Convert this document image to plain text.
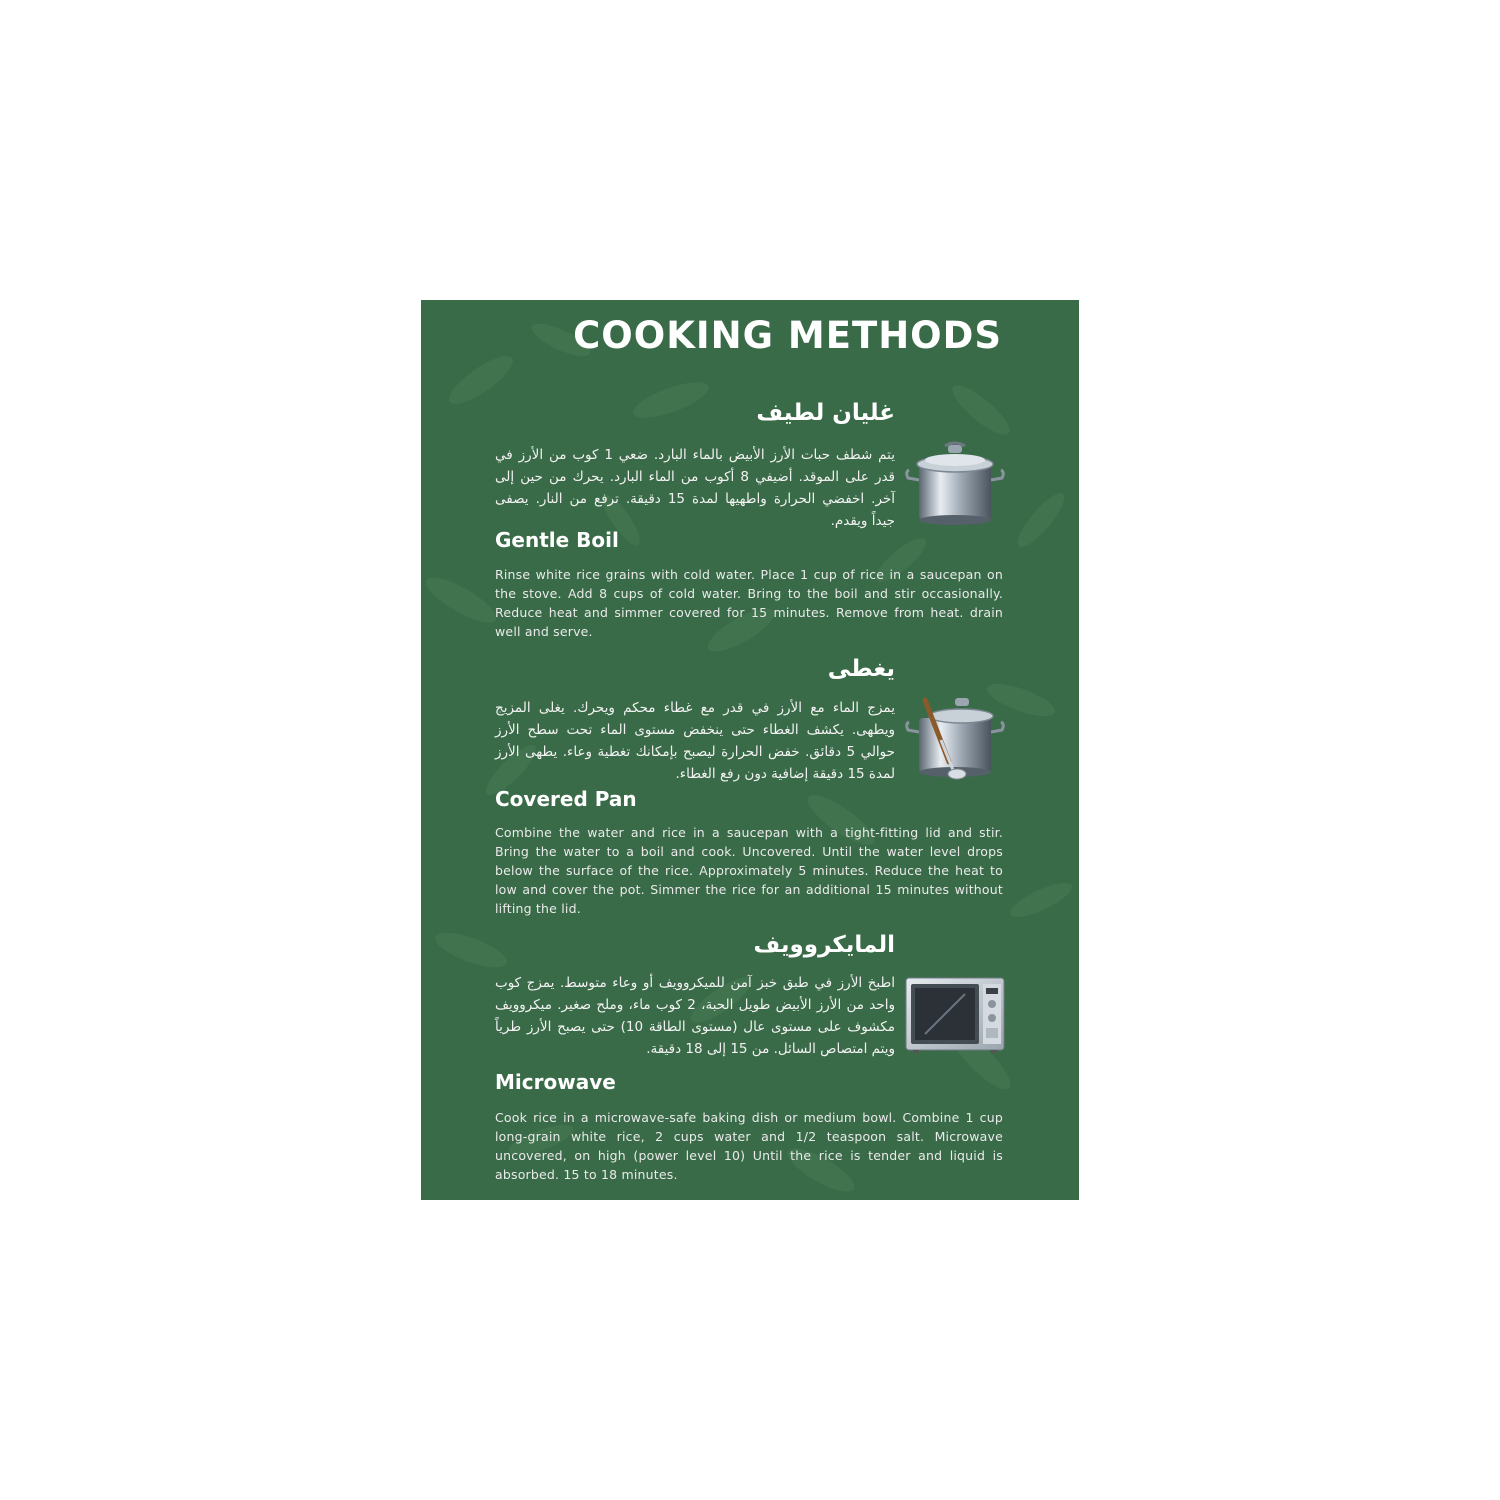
COOKING METHODS
غليان لطيف

يتم شطف حبات الأرز الأبيض بالماء البارد. ضعي 1 كوب من الأرز في قدر على الموقد. أضيفي 8 أكوب من الماء البارد. يحرك من حين إلى آخر. اخفضي الحرارة واطهيها لمدة 15 دقيقة. ترفع من النار. يصفى جيداً ويقدم.

Gentle Boil

Rinse white rice grains with cold water. Place 1 cup of rice in a saucepan on the stove. Add 8 cups of cold water. Bring to the boil and stir occasionally. Reduce heat and simmer covered for 15 minutes. Remove from heat. drain well and serve.

يغطى

يمزج الماء مع الأرز في قدر مع غطاء محكم ويحرك. يغلى المزيج ويطهى. يكشف الغطاء حتى ينخفض مستوى الماء تحت سطح الأرز حوالي 5 دقائق. خفض الحرارة ليصبح بإمكانك تغطية وعاء. يطهى الأرز لمدة 15 دقيقة إضافية دون رفع الغطاء.

Covered Pan

Combine the water and rice in a saucepan with a tight-fitting lid and stir. Bring the water to a boil and cook. Uncovered. Until the water level drops below the surface of the rice. Approximately 5 minutes. Reduce the heat to low and cover the pot. Simmer the rice for an additional 15 minutes without lifting the lid.

المايكروويف

اطبخ الأرز في طبق خبز آمن للميكروويف أو وعاء متوسط. يمزج كوب واحد من الأرز الأبيض طويل الحبة، 2 كوب ماء، وملح صغير. ميكروويف مكشوف على مستوى عال (مستوى الطاقة 10) حتى يصبح الأرز طرياً ويتم امتصاص السائل. من 15 إلى 18 دقيقة.

Microwave

Cook rice in a microwave-safe baking dish or medium bowl. Combine 1 cup long-grain white rice, 2 cups water and 1/2 teaspoon salt. Microwave uncovered, on high (power level 10) Until the rice is tender and liquid is absorbed. 15 to 18 minutes.
